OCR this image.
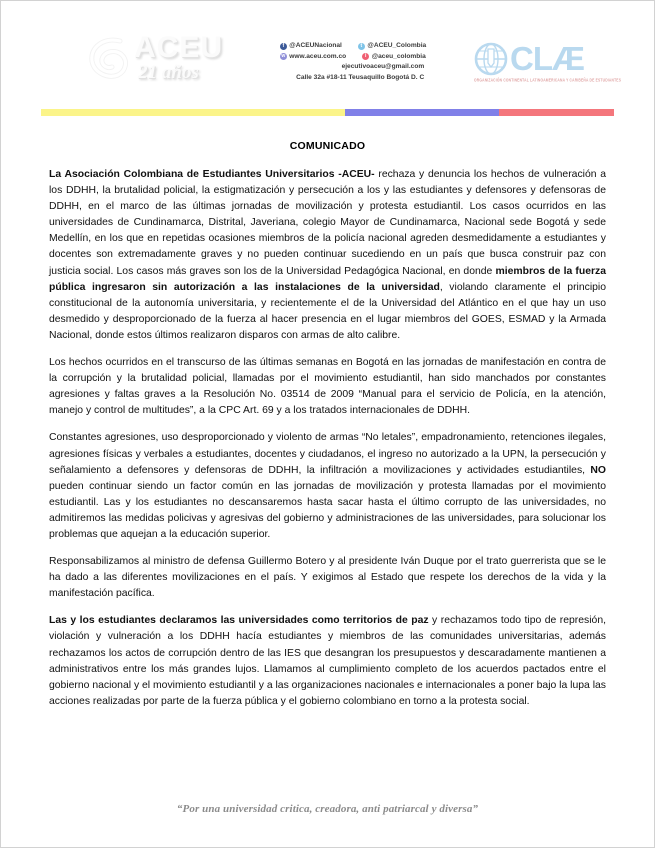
ACEU
21 años
f @ACEUNacional	t @ACEU_Colombia
w www.aceu.com.co	i @aceu_colombia
ejecutivoaceu@gmail.com
Calle 32a #18-11 Teusaquillo Bogotá D. C	CLÆ
ORGANIZACIÓN CONTINENTAL LATINOAMERICANA Y CARIBEÑA DE ESTUDIANTES
COMUNICADO

La Asociación Colombiana de Estudiantes Universitarios -ACEU- rechaza y denuncia los hechos de vulneración a los DDHH, la brutalidad policial, la estigmatización y persecución a los y las estudiantes y defensores y defensoras de DDHH, en el marco de las últimas jornadas de movilización y protesta estudiantil. Los casos ocurridos en las universidades de Cundinamarca, Distrital, Javeriana, colegio Mayor de Cundinamarca, Nacional sede Bogotá y sede Medellín, en los que en repetidas ocasiones miembros de la policía nacional agreden desmedidamente a estudiantes y docentes son extremadamente graves y no pueden continuar sucediendo en un país que busca construir paz con justicia social. Los casos más graves son los de la Universidad Pedagógica Nacional, en donde miembros de la fuerza pública ingresaron sin autorización a las instalaciones de la universidad, violando claramente el principio constitucional de la autonomía universitaria, y recientemente el de la Universidad del Atlántico en el que hay un uso desmedido y desproporcionado de la fuerza al hacer presencia en el lugar miembros del GOES, ESMAD y la Armada Nacional, donde estos últimos realizaron disparos con armas de alto calibre.

Los hechos ocurridos en el transcurso de las últimas semanas en Bogotá en las jornadas de manifestación en contra de la corrupción y la brutalidad policial, llamadas por el movimiento estudiantil, han sido manchados por constantes agresiones y faltas graves a la Resolución No. 03514 de 2009 “Manual para el servicio de Policía, en la atención, manejo y control de multitudes”, a la CPC Art. 69 y a los tratados internacionales de DDHH.

Constantes agresiones, uso desproporcionado y violento de armas “No letales”, empadronamiento, retenciones ilegales, agresiones físicas y verbales a estudiantes, docentes y ciudadanos, el ingreso no autorizado a la UPN, la persecución y señalamiento a defensores y defensoras de DDHH, la infiltración a movilizaciones y actividades estudiantiles, NO pueden continuar siendo un factor común en las jornadas de movilización y protesta llamadas por el movimiento estudiantil. Las y los estudiantes no descansaremos hasta sacar hasta el último corrupto de las universidades, no admitiremos las medidas policivas y agresivas del gobierno y administraciones de las universidades, para solucionar los problemas que aquejan a la educación superior.

Responsabilizamos al ministro de defensa Guillermo Botero y al presidente Iván Duque por el trato guerrerista que se le ha dado a las diferentes movilizaciones en el país. Y exigimos al Estado que respete los derechos de la vida y la manifestación pacífica.

Las y los estudiantes declaramos las universidades como territorios de paz y rechazamos todo tipo de represión, violación y vulneración a los DDHH hacía estudiantes y miembros de las comunidades universitarias, además rechazamos los actos de corrupción dentro de las IES que desangran los presupuestos y descaradamente mantienen a administrativos entre los más grandes lujos. Llamamos al cumplimiento completo de los acuerdos pactados entre el gobierno nacional y el movimiento estudiantil y a las organizaciones nacionales e internacionales a poner bajo la lupa las acciones realizadas por parte de la fuerza pública y el gobierno colombiano en torno a la protesta social.

“Por una universidad critica, creadora, anti patriarcal y diversa”
